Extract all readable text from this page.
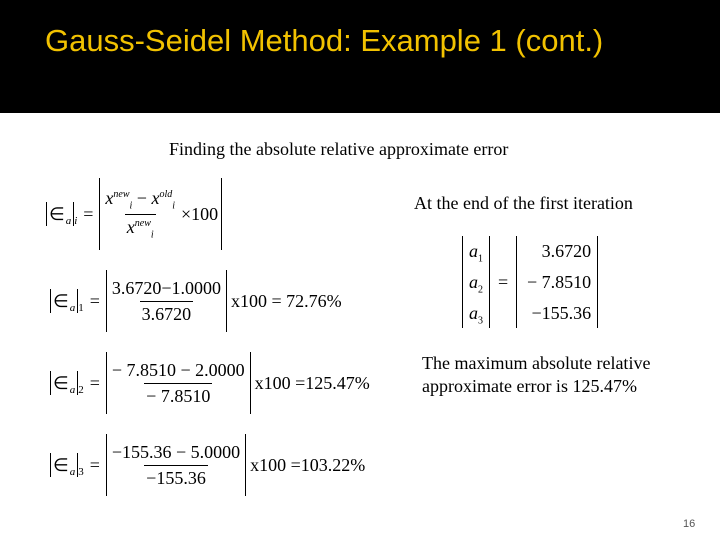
Gauss-Seidel Method: Example 1 (cont.)
Finding the absolute relative approximate error
∈ a $i = \frac{x^{new}_i - x^{old}_i}{x^{new}_i} \times 100$
∈ a $1 = \frac{3.6720-1.0000}{3.6720} x100 = 72.76\%$
∈ a $2 = \frac{- 7.8510 - 2.0000}{- 7.8510} x100 =125.47\%$
∈ a $3 = \frac{-155.36 - 5.0000}{-155.36} x100 =103.22\%$
At the end of the first iteration
$a_1$
$a_2$
$a_3$
=
3.6720
− 7.8510
−155.36
The maximum absolute relative approximate error is 125.47%
16
